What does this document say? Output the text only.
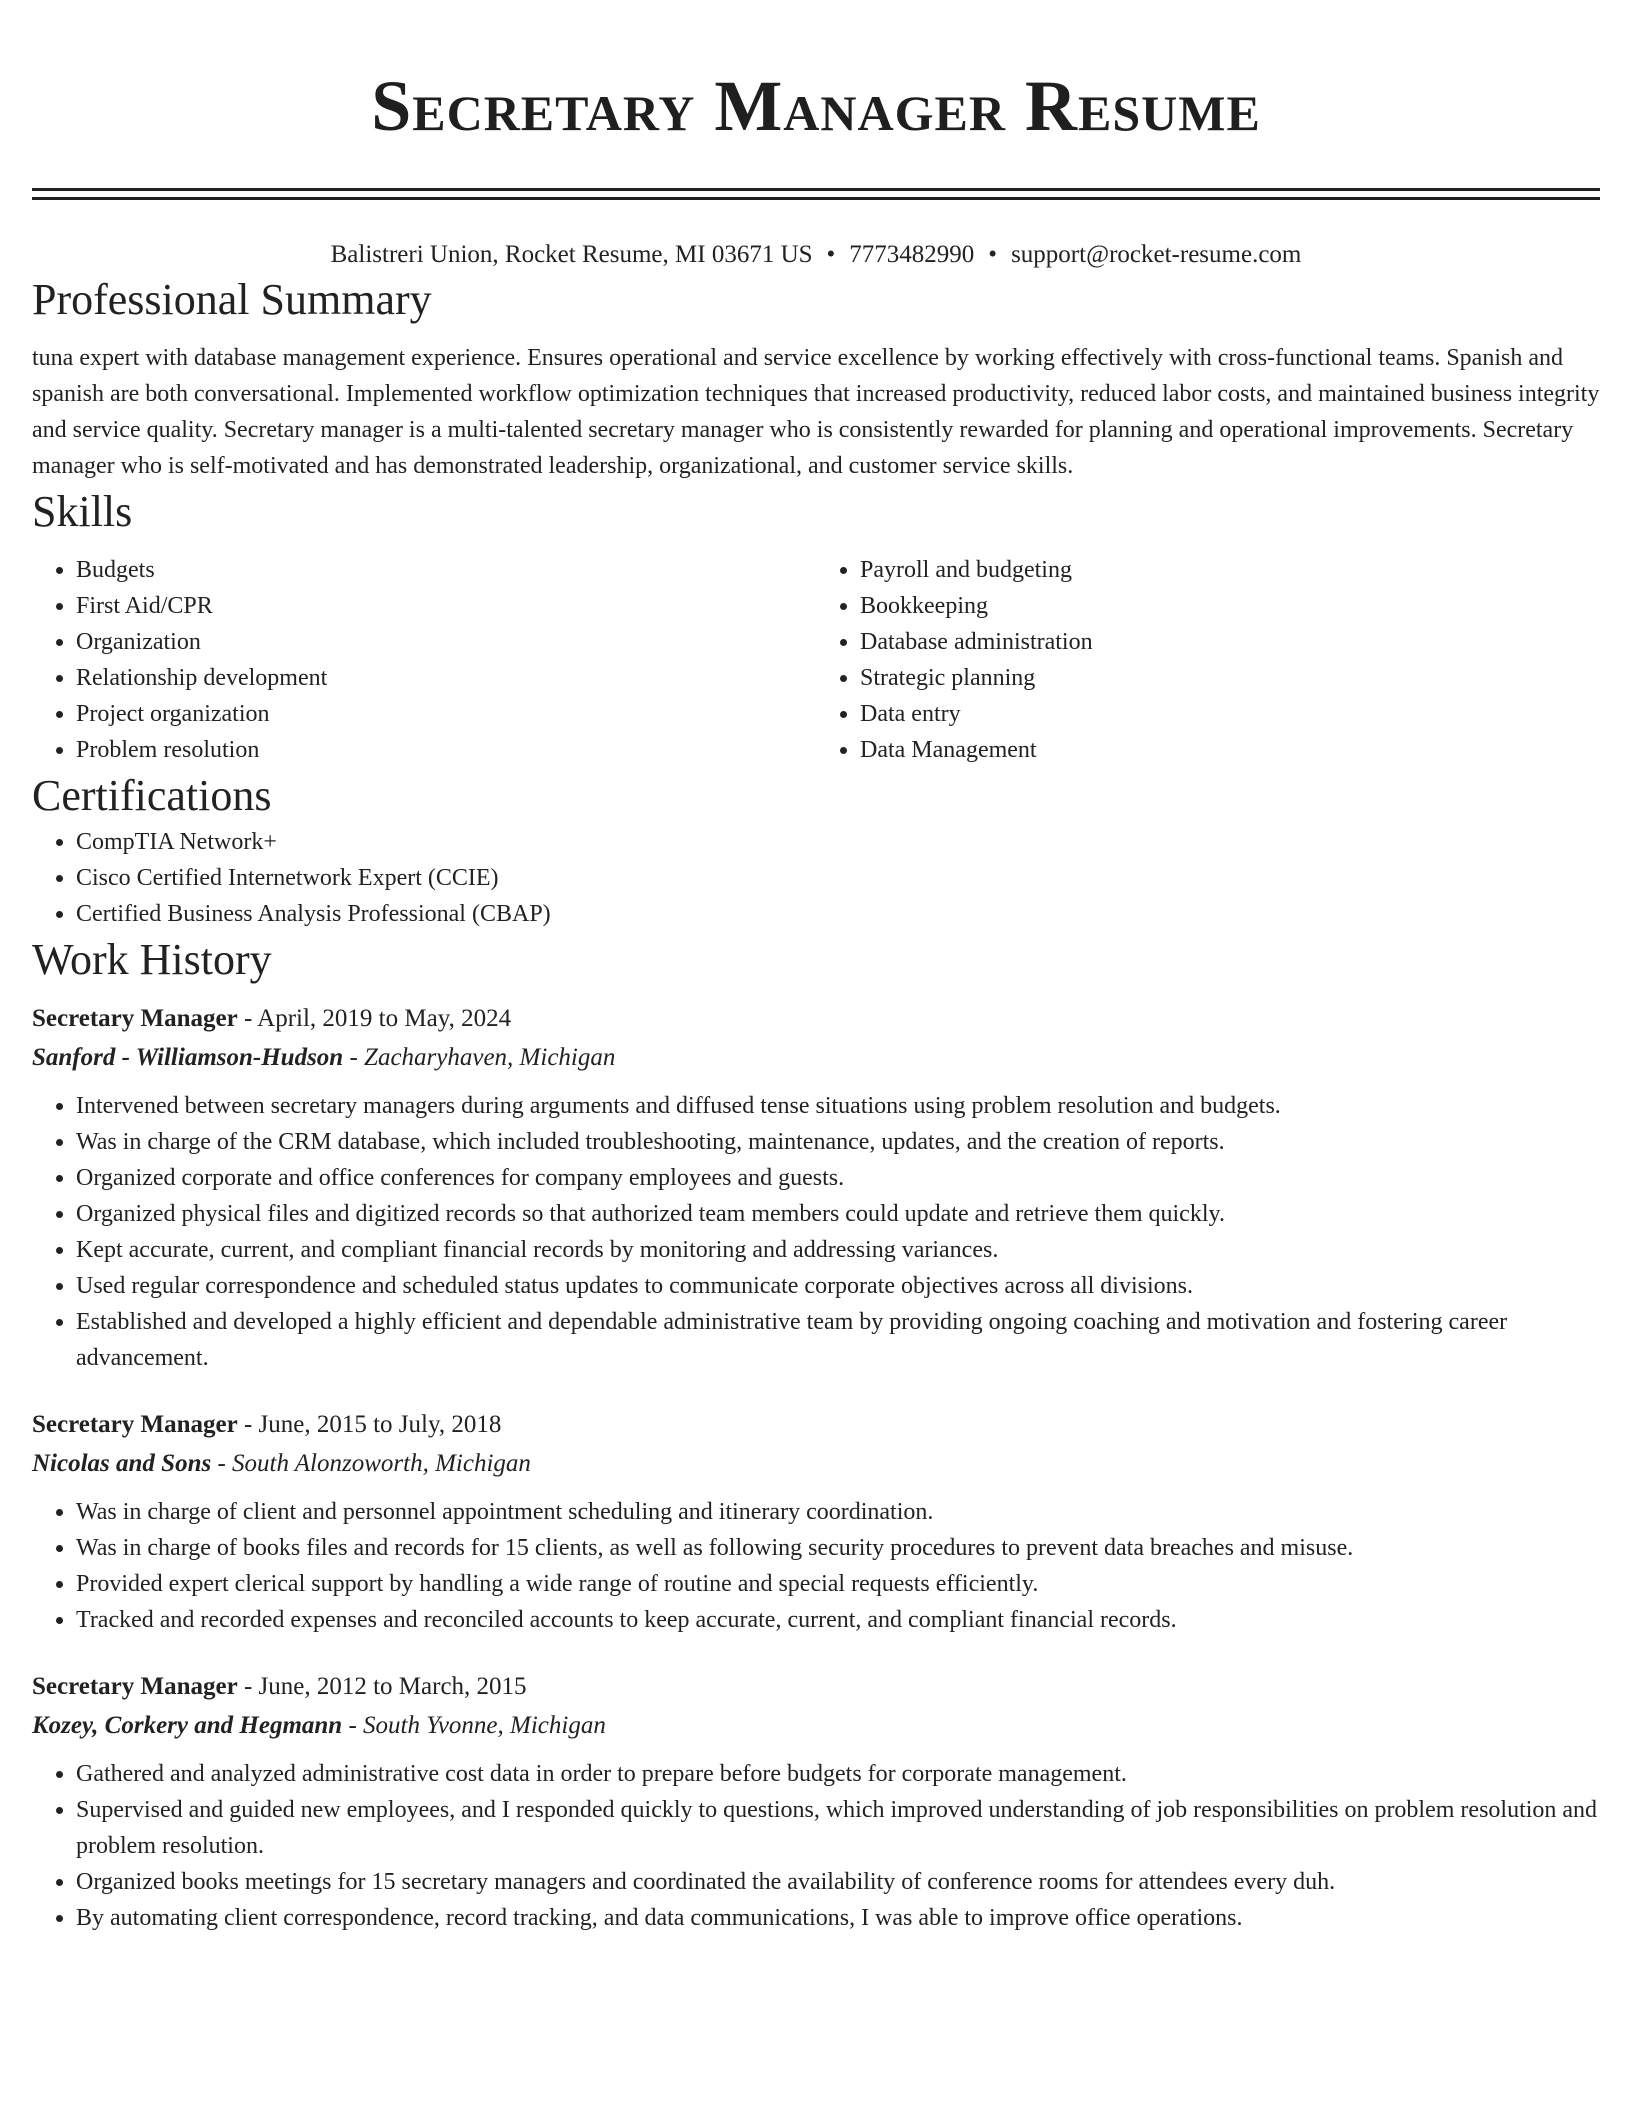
Secretary Manager Resume
Balistreri Union, Rocket Resume, MI 03671 US • 7773482990 • support@rocket-resume.com
Professional Summary
tuna expert with database management experience. Ensures operational and service excellence by working effectively with cross-functional teams. Spanish and spanish are both conversational. Implemented workflow optimization techniques that increased productivity, reduced labor costs, and maintained business integrity and service quality. Secretary manager is a multi-talented secretary manager who is consistently rewarded for planning and operational improvements. Secretary manager who is self-motivated and has demonstrated leadership, organizational, and customer service skills.
Skills
• Budgets
• First Aid/CPR
• Organization
• Relationship development
• Project organization
• Problem resolution
• Payroll and budgeting
• Bookkeeping
• Database administration
• Strategic planning
• Data entry
• Data Management
Certifications
• CompTIA Network+
• Cisco Certified Internetwork Expert (CCIE)
• Certified Business Analysis Professional (CBAP)
Work History
Secretary Manager - April, 2019 to May, 2024
Sanford - Williamson-Hudson - Zacharyhaven, Michigan
• Intervened between secretary managers during arguments and diffused tense situations using problem resolution and budgets.
• Was in charge of the CRM database, which included troubleshooting, maintenance, updates, and the creation of reports.
• Organized corporate and office conferences for company employees and guests.
• Organized physical files and digitized records so that authorized team members could update and retrieve them quickly.
• Kept accurate, current, and compliant financial records by monitoring and addressing variances.
• Used regular correspondence and scheduled status updates to communicate corporate objectives across all divisions.
• Established and developed a highly efficient and dependable administrative team by providing ongoing coaching and motivation and fostering career advancement.
Secretary Manager - June, 2015 to July, 2018
Nicolas and Sons - South Alonzoworth, Michigan
• Was in charge of client and personnel appointment scheduling and itinerary coordination.
• Was in charge of books files and records for 15 clients, as well as following security procedures to prevent data breaches and misuse.
• Provided expert clerical support by handling a wide range of routine and special requests efficiently.
• Tracked and recorded expenses and reconciled accounts to keep accurate, current, and compliant financial records.
Secretary Manager - June, 2012 to March, 2015
Kozey, Corkery and Hegmann - South Yvonne, Michigan
• Gathered and analyzed administrative cost data in order to prepare before budgets for corporate management.
• Supervised and guided new employees, and I responded quickly to questions, which improved understanding of job responsibilities on problem resolution and problem resolution.
• Organized books meetings for 15 secretary managers and coordinated the availability of conference rooms for attendees every duh.
• By automating client correspondence, record tracking, and data communications, I was able to improve office operations.
